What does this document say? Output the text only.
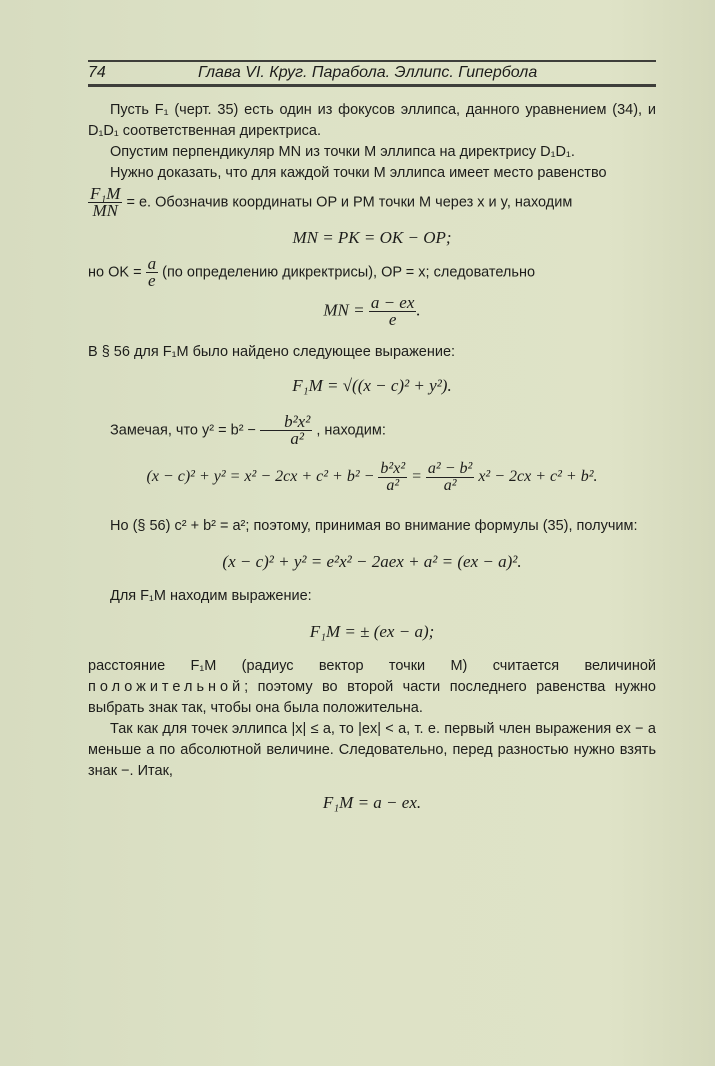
74	Глава VI. Круг. Парабола. Эллипс. Гипербола

Пусть F₁ (черт. 35) есть один из фокусов эллипса, данного уравнением (34), и D₁D₁ соответственная директриса.

Опустим перпендикуляр MN из точки M эллипса на директрису D₁D₁.

Нужно доказать, что для каждой точки M эллипса имеет место равенство

$\frac{\text{F₁M}}{MN} = e$. Обозначив координаты OP и PM точки M через x и y, находим

MN = PK = OK − OP;

но OK = $\frac{a}{e} (по$ определению дикректрисы), OP = x; следовательно

MN = $\frac{a - ex}{e}$ .

В § 56 для F₁M было найдено следующее выражение:

F₁M = √((x − c)² + y²).

Замечая, что $y^2 = b^2 - \frac{\text{b²x²}}{\text{a²}}$ , находим:

$(x - c)^2 + y^2 = x^2 - 2cx + c^2 + b^2 - \frac{\text{b²x²}}{\text{a²}} = \frac{\text{a² − b²}}{\text{a²}} x^2 - 2cx + c^2 + b^2$.

Но (§ 56) c² + b² = a²; поэтому, принимая во внимание формулы (35), получим:

(x − c)² + y² = e²x² − 2aex + a² = (ex − a)².

Для F₁M находим выражение:

F₁M = ± (ex − a);

расстояние F₁M (радиус вектор точки M) считается величиной положительной; поэтому во второй части последнего равенства нужно выбрать знак так, чтобы она была положительна.

Так как для точек эллипса |x| ≤ a, то |ex| < a, т. е. первый член выражения ex − a меньше a по абсолютной величине. Следовательно, перед разностью нужно взять знак −. Итак,

F₁M = a − ex.
